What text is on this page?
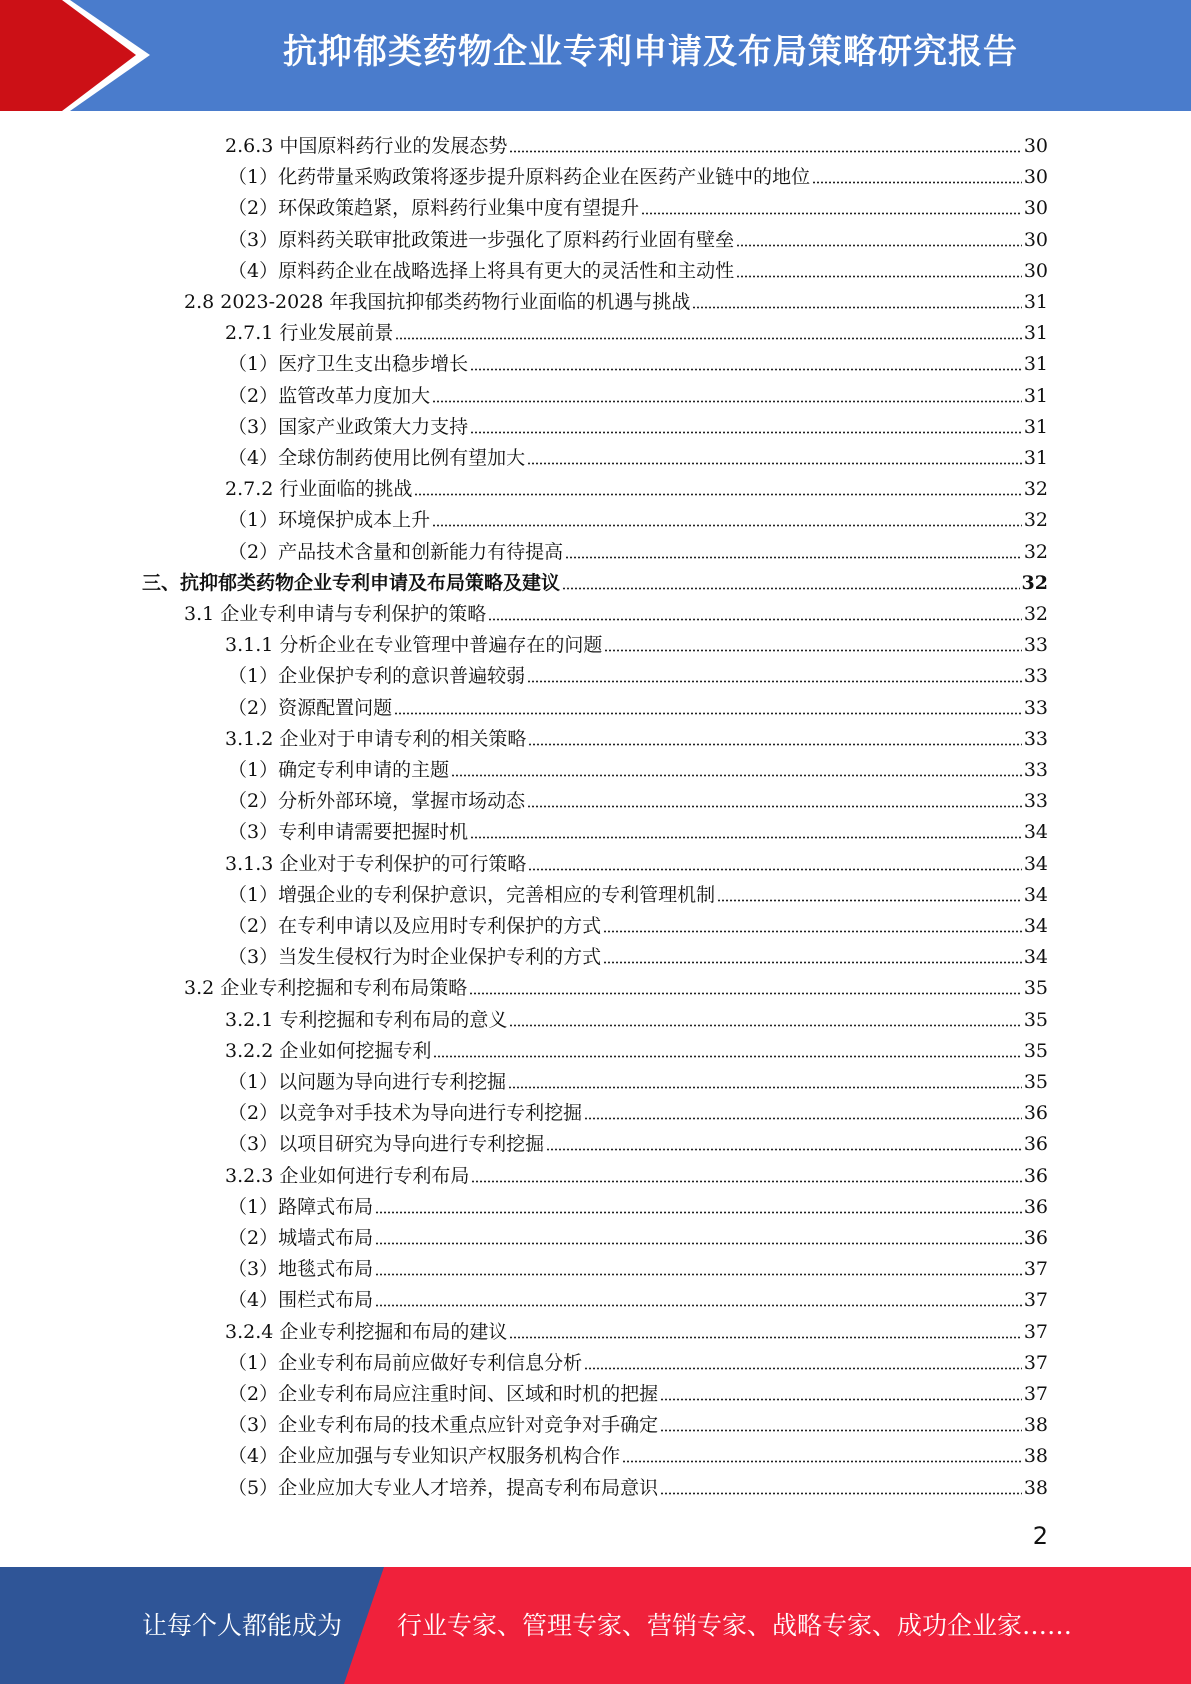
抗抑郁类药物企业专利申请及布局策略研究报告
2.6.3 中国原料药行业的发展态势	30
（1）化药带量采购政策将逐步提升原料药企业在医药产业链中的地位	30
（2）环保政策趋紧，原料药行业集中度有望提升	30
（3）原料药关联审批政策进一步强化了原料药行业固有壁垒	30
（4）原料药企业在战略选择上将具有更大的灵活性和主动性	30
2.8 2023-2028 年我国抗抑郁类药物行业面临的机遇与挑战	31
2.7.1 行业发展前景	31
（1）医疗卫生支出稳步增长	31
（2）监管改革力度加大	31
（3）国家产业政策大力支持	31
（4）全球仿制药使用比例有望加大	31
2.7.2 行业面临的挑战	32
（1）环境保护成本上升	32
（2）产品技术含量和创新能力有待提高	32
三、抗抑郁类药物企业专利申请及布局策略及建议	32
3.1 企业专利申请与专利保护的策略	32
3.1.1 分析企业在专业管理中普遍存在的问题	33
（1）企业保护专利的意识普遍较弱	33
（2）资源配置问题	33
3.1.2 企业对于申请专利的相关策略	33
（1）确定专利申请的主题	33
（2）分析外部环境，掌握市场动态	33
（3）专利申请需要把握时机	34
3.1.3 企业对于专利保护的可行策略	34
（1）增强企业的专利保护意识，完善相应的专利管理机制	34
（2）在专利申请以及应用时专利保护的方式	34
（3）当发生侵权行为时企业保护专利的方式	34
3.2 企业专利挖掘和专利布局策略	35
3.2.1 专利挖掘和专利布局的意义	35
3.2.2 企业如何挖掘专利	35
（1）以问题为导向进行专利挖掘	35
（2）以竞争对手技术为导向进行专利挖掘	36
（3）以项目研究为导向进行专利挖掘	36
3.2.3 企业如何进行专利布局	36
（1）路障式布局	36
（2）城墙式布局	36
（3）地毯式布局	37
（4）围栏式布局	37
3.2.4 企业专利挖掘和布局的建议	37
（1）企业专利布局前应做好专利信息分析	37
（2）企业专利布局应注重时间、区域和时机的把握	37
（3）企业专利布局的技术重点应针对竞争对手确定	38
（4）企业应加强与专业知识产权服务机构合作	38
（5）企业应加大专业人才培养，提高专利布局意识	38
2
让每个人都能成为 行业专家、管理专家、营销专家、战略专家、成功企业家……
